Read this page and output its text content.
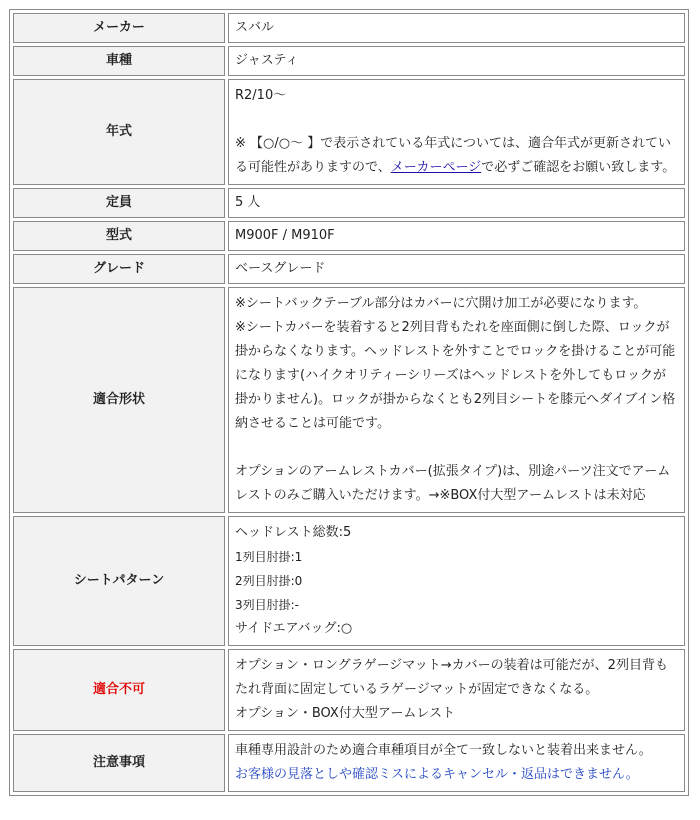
メーカー	スバル
車種	ジャスティ
年式	R2/10～

※ 【○/○～ 】で表示されている年式については、適合年式が更新されている可能性がありますので、メーカーページで必ずご確認をお願い致します。

定員	5 人
型式	M900F / M910F
グレード	ベースグレード
適合形状	※シートバックテーブル部分はカバーに穴開け加工が必要になります。

※シートカバーを装着すると2列目背もたれを座面側に倒した際、ロックが掛からなくなります。ヘッドレストを外すことでロックを掛けることが可能になります(ハイクオリティーシリーズはヘッドレストを外してもロックが掛かりません)。ロックが掛からなくとも2列目シートを膝元へダイブイン格納させることは可能です。

オプションのアームレストカバー(拡張タイプ)は、別途パーツ注文でアームレストのみご購入いただけます。→※BOX付大型アームレストは未対応

シートパターン	ヘッドレスト総数:5

1列目肘掛:1

2列目肘掛:0

3列目肘掛:-

サイドエアバッグ:○

適合不可	オプション・ロングラゲージマット→カバーの装着は可能だが、2列目背もたれ背面に固定しているラゲージマットが固定できなくなる。

オプション・BOX付大型アームレスト

注意事項	車種専用設計のため適合車種項目が全て一致しないと装着出来ません。

お客様の見落としや確認ミスによるキャンセル・返品はできません。
